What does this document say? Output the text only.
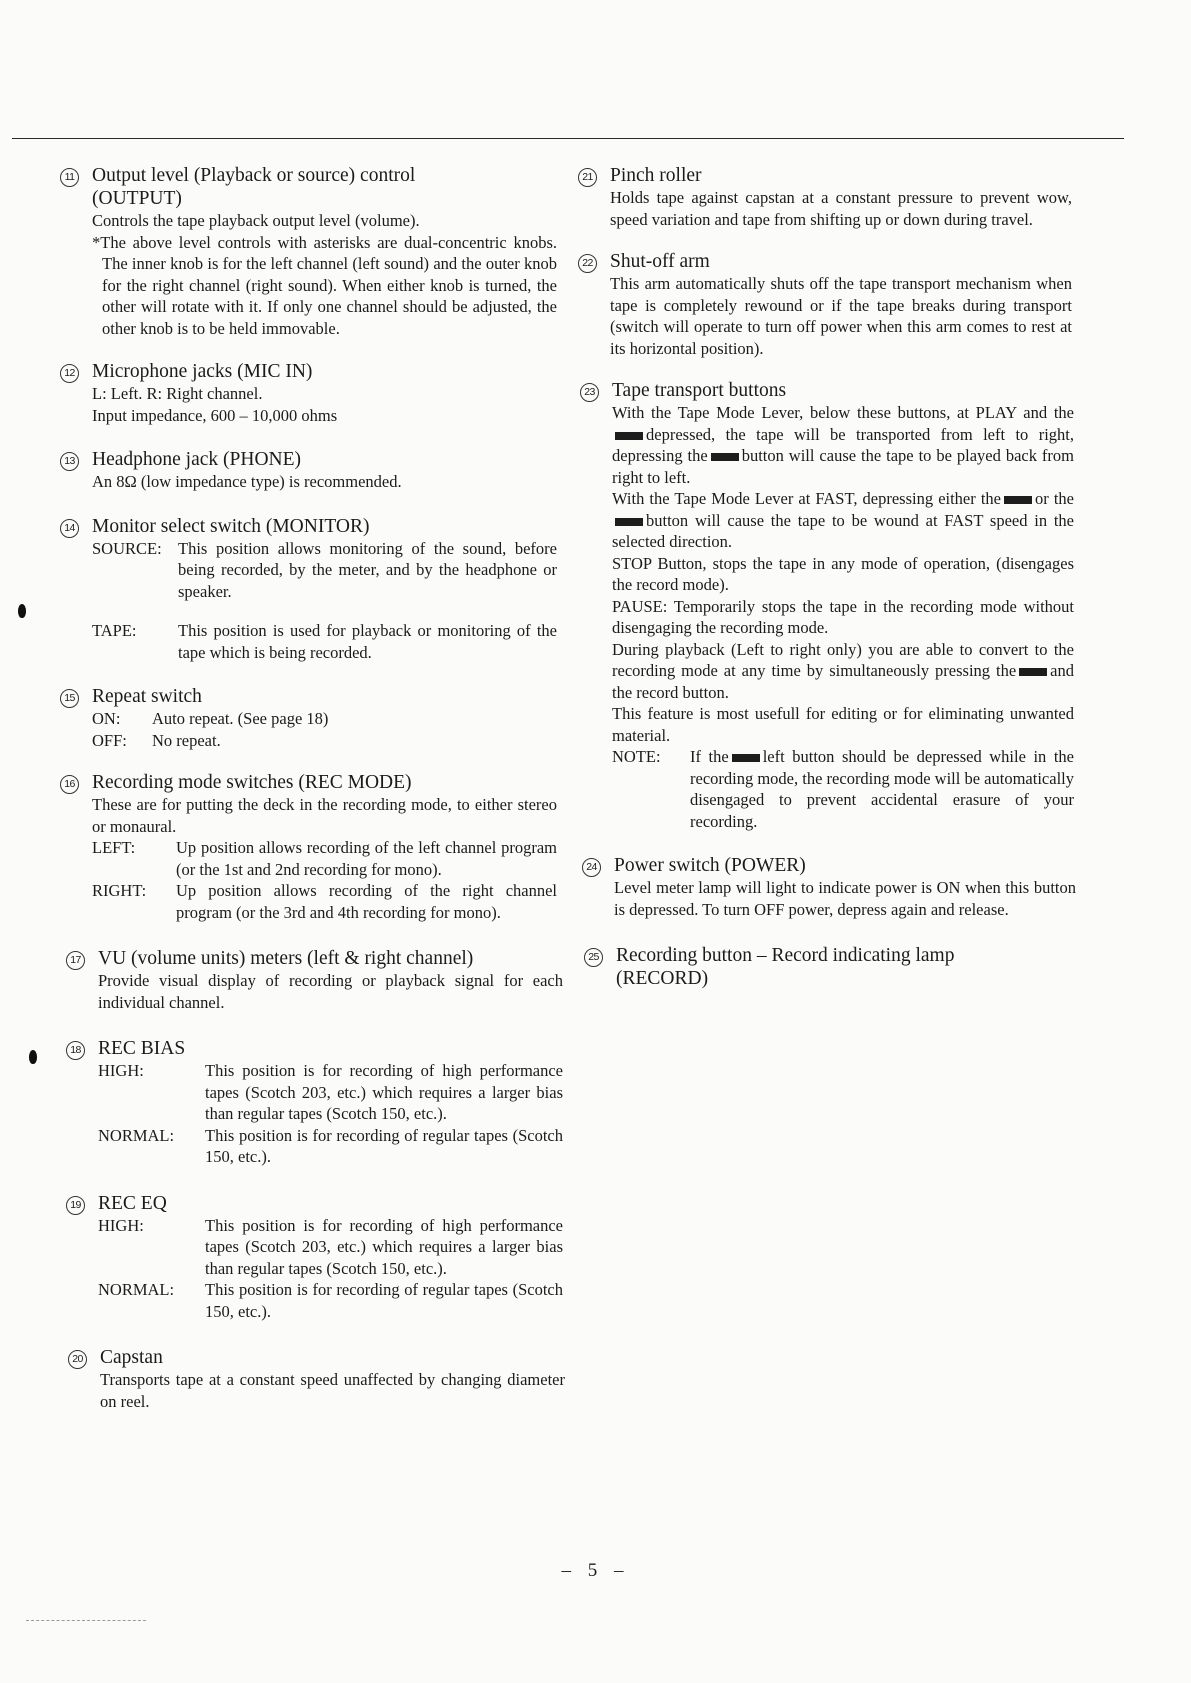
11 Output level (Playback or source) control
(OUTPUT)
Controls the tape playback output level (volume).
*The above level controls with asterisks are dual-concentric knobs. The inner knob is for the left channel (left sound) and the outer knob for the right channel (right sound). When either knob is turned, the other will rotate with it. If only one channel should be adjusted, the other knob is to be held immovable.
12 Microphone jacks (MIC IN)
L: Left. R: Right channel.
Input impedance, 600 – 10,000 ohms
13 Headphone jack (PHONE)
An 8Ω (low impedance type) is recommended.
14 Monitor select switch (MONITOR)
SOURCE: This position allows monitoring of the sound, before being recorded, by the meter, and by the headphone or speaker.
TAPE:	This position is used for playback or monitoring of the tape which is being recorded.
15 Repeat switch
ON:	Auto repeat. (See page 18)
OFF:	No repeat.
16 Recording mode switches (REC MODE)
These are for putting the deck in the recording mode, to either stereo or monaural.
LEFT:	Up position allows recording of the left channel program (or the 1st and 2nd recording for mono).
RIGHT:	Up position allows recording of the right channel program (or the 3rd and 4th recording for mono).
17 VU (volume units) meters (left & right channel)
Provide visual display of recording or playback signal for each individual channel.
18 REC BIAS
HIGH:	This position is for recording of high performance tapes (Scotch 203, etc.) which requires a larger bias than regular tapes (Scotch 150, etc.).
NORMAL:	This position is for recording of regular tapes (Scotch 150, etc.).
19 REC EQ
HIGH:	This position is for recording of high performance tapes (Scotch 203, etc.) which requires a larger bias than regular tapes (Scotch 150, etc.).
NORMAL:	This position is for recording of regular tapes (Scotch 150, etc.).
20 Capstan
Transports tape at a constant speed unaffected by changing diameter on reel.
21 Pinch roller
Holds tape against capstan at a constant pressure to prevent wow, speed variation and tape from shifting up or down during travel.
22 Shut-off arm
This arm automatically shuts off the tape transport mechanism when tape is completely rewound or if the tape breaks during transport (switch will operate to turn off power when this arm comes to rest at its horizontal position).
23 Tape transport buttons
With the Tape Mode Lever, below these buttons, at PLAY and thedepressed, the tape will be transported from left to right, depressing the button will cause the tape to be played back from right to left.
With the Tape Mode Lever at FAST, depressing either the or thebutton will cause the tape to be wound at FAST speed in the selected direction.
STOP Button, stops the tape in any mode of operation, (disengages the record mode).
PAUSE: Temporarily stops the tape in the recording mode without disengaging the recording mode.
During playback (Left to right only) you are able to convert to the recording mode at any time by simultaneously pressing the and the record button.
This feature is most usefull for editing or for eliminating unwanted material.
NOTE:	If the left button should be depressed while in the recording mode, the recording mode will be automatically disengaged to prevent accidental erasure of your recording.
24 Power switch (POWER)
Level meter lamp will light to indicate power is ON when this button is depressed. To turn OFF power, depress again and release.
25 Recording button – Record indicating lamp
(RECORD)
– 5 –
